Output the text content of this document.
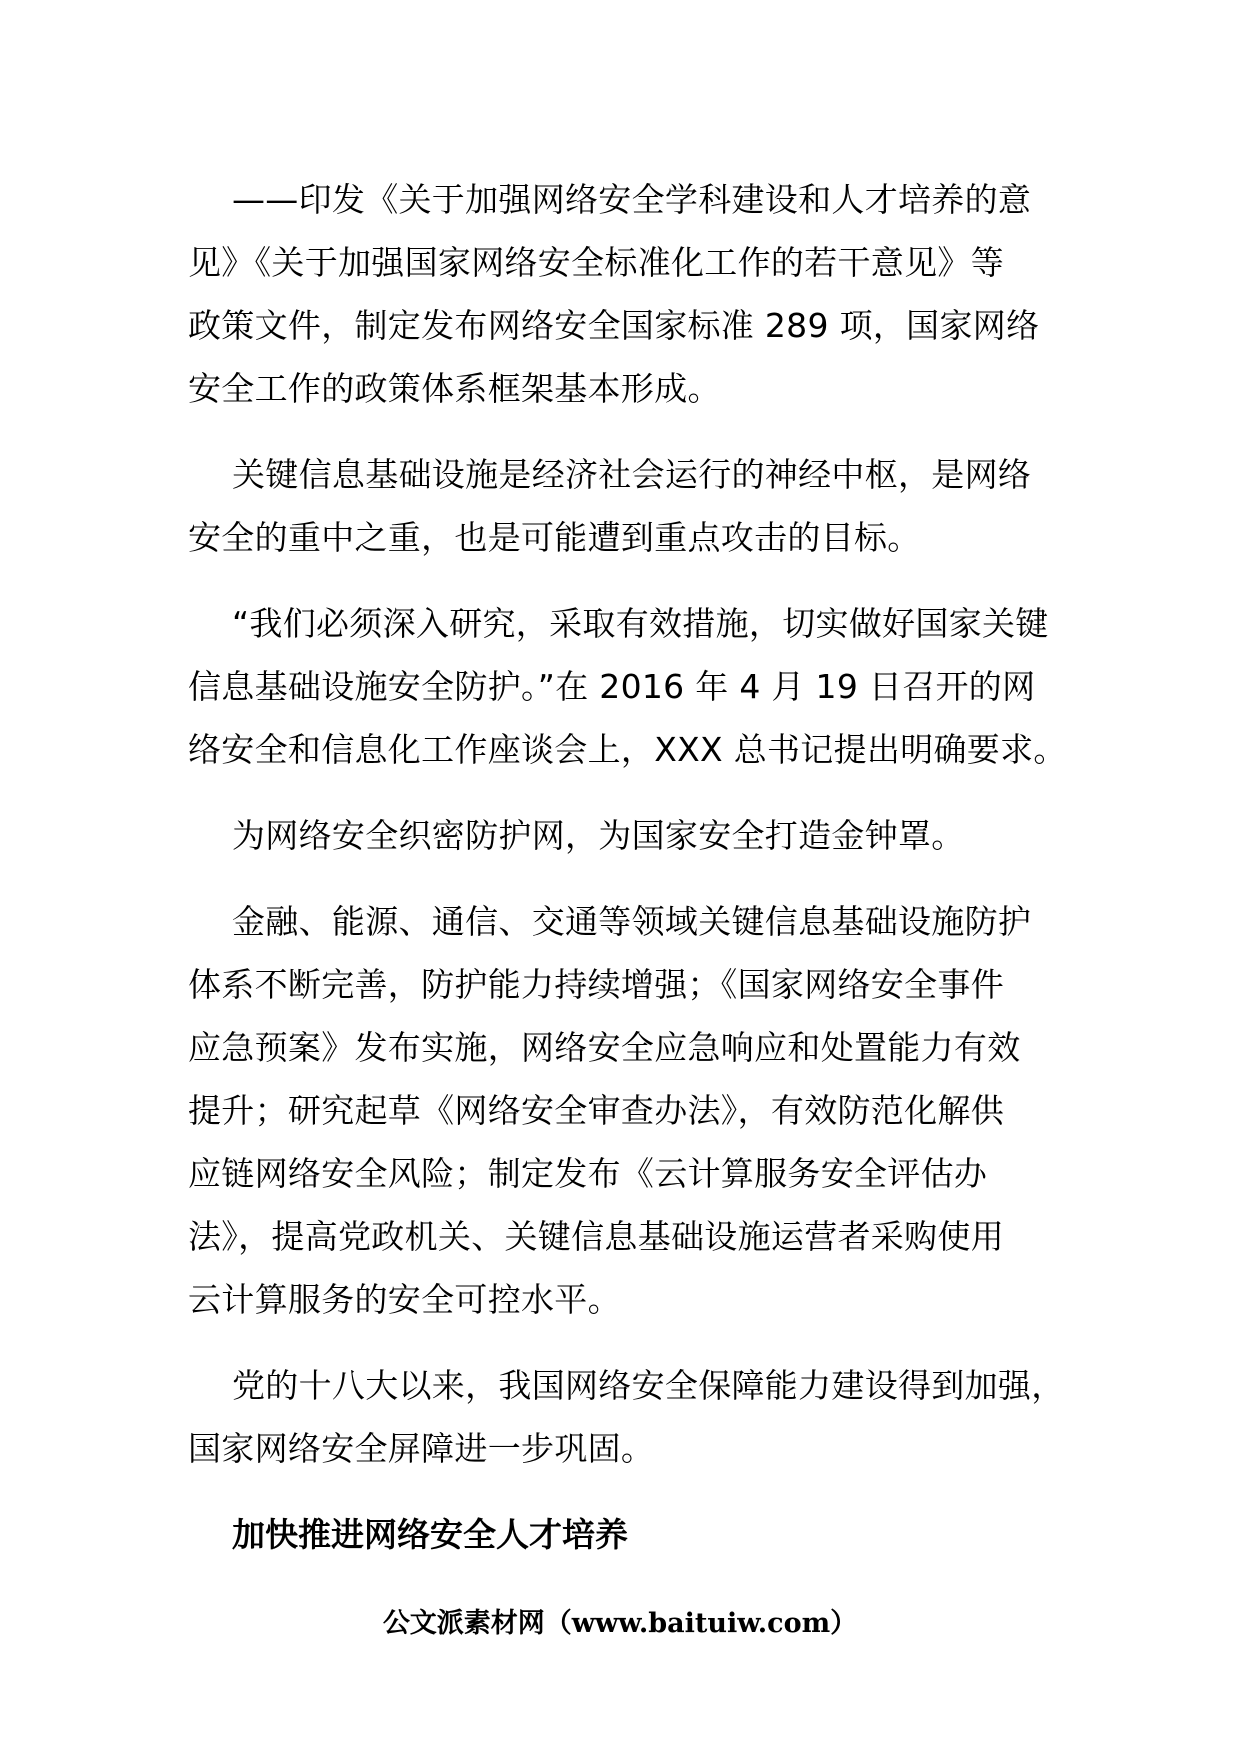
——印发《关于加强网络安全学科建设和人才培养的意
见》《关于加强国家网络安全标准化工作的若干意见》等
政策文件，制定发布网络安全国家标准 289 项，国家网络
安全工作的政策体系框架基本形成。

关键信息基础设施是经济社会运行的神经中枢，是网络
安全的重中之重，也是可能遭到重点攻击的目标。

“我们必须深入研究，采取有效措施，切实做好国家关键
信息基础设施安全防护。”在 2016 年 4 月 19 日召开的网
络安全和信息化工作座谈会上，XXX 总书记提出明确要求。

为网络安全织密防护网，为国家安全打造金钟罩。

金融、能源、通信、交通等领域关键信息基础设施防护
体系不断完善，防护能力持续增强；《国家网络安全事件
应急预案》发布实施，网络安全应急响应和处置能力有效
提升；研究起草《网络安全审查办法》，有效防范化解供
应链网络安全风险；制定发布《云计算服务安全评估办
法》，提高党政机关、关键信息基础设施运营者采购使用
云计算服务的安全可控水平。

党的十八大以来，我国网络安全保障能力建设得到加强，
国家网络安全屏障进一步巩固。

加快推进网络安全人才培养

公文派素材网（www.baituiw.com）
